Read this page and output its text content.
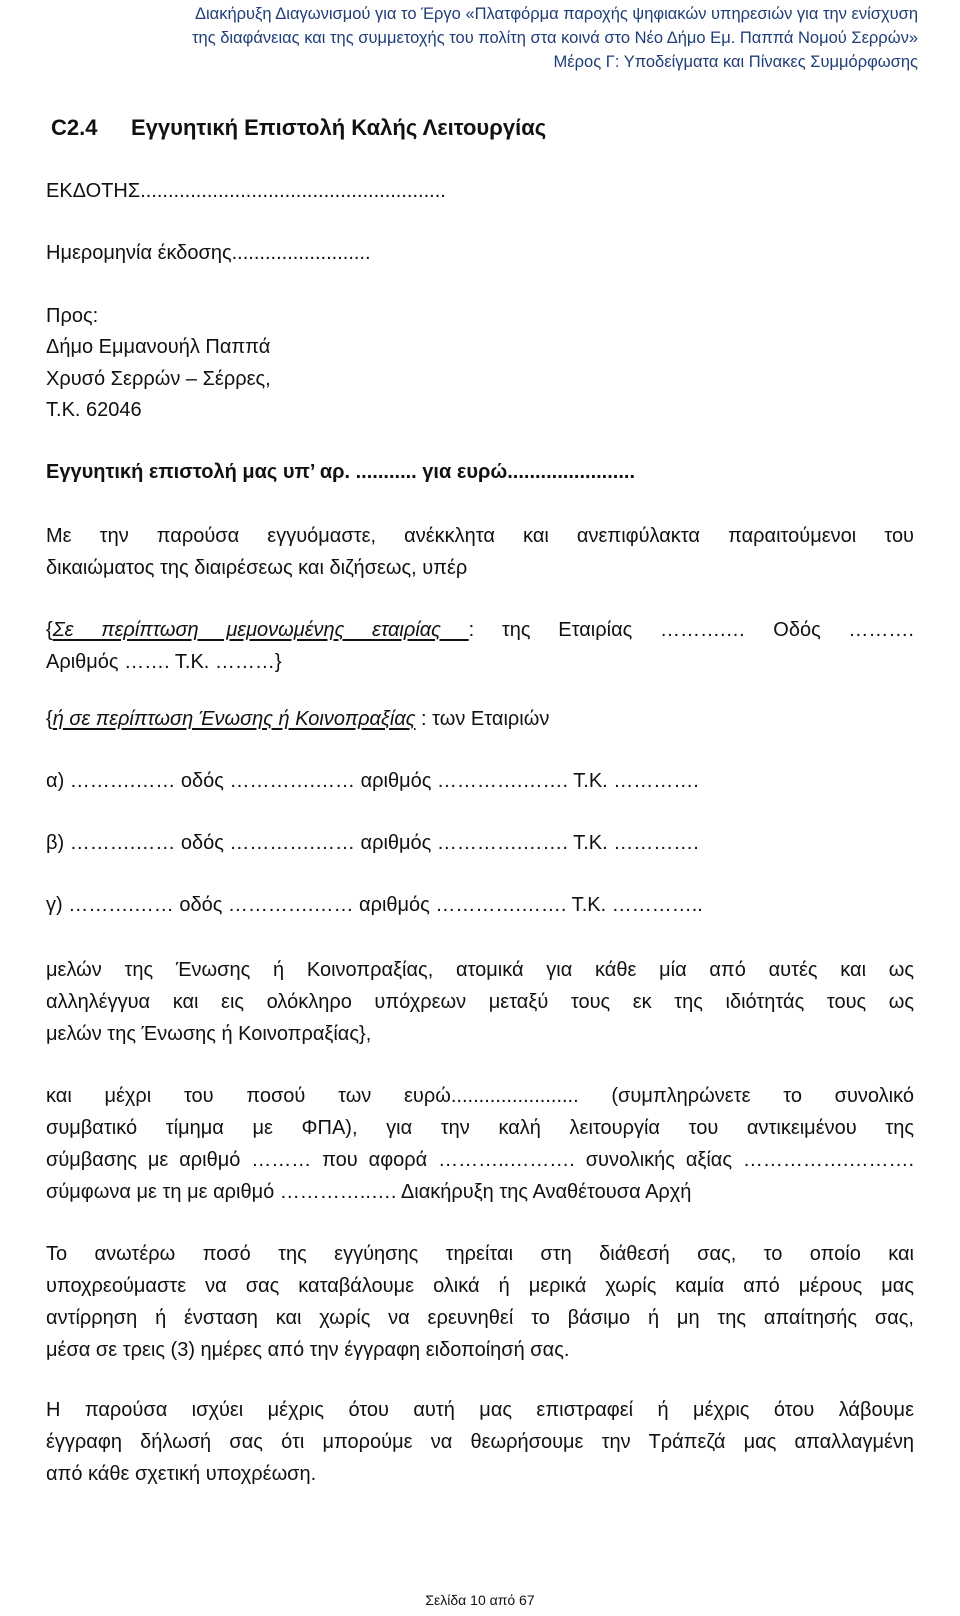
Διακήρυξη Διαγωνισμού για το Έργο «Πλατφόρμα παροχής ψηφιακών υπηρεσιών για την ενίσχυση
της διαφάνειας και της συμμετοχής του πολίτη στα κοινά στο Νέο Δήμο Εμ. Παππά Νομού Σερρών»
Μέρος Γ: Υποδείγματα και Πίνακες Συμμόρφωσης
C2.4 Εγγυητική Επιστολή Καλής Λειτουργίας
ΕΚΔΟΤΗΣ.......................................................
Ημερομηνία έκδοσης.........................
Προς:
Δήμο Εμμανουήλ Παππά
Χρυσό Σερρών – Σέρρες,
Τ.Κ. 62046
Εγγυητική επιστολή μας υπ’ αρ. ........... για ευρώ.......................
Με την παρούσα εγγυόμαστε, ανέκκλητα και ανεπιφύλακτα παραιτούμενοι του
δικαιώματος της διαιρέσεως και διζήσεως, υπέρ
{Σε περίπτωση μεμονωμένης εταιρίας : της Εταιρίας ……….… Οδός ……….
Αριθμός ……. Τ.Κ. ………}
{ή σε περίπτωση Ένωσης ή Κοινοπραξίας : των Εταιριών
α) ……….…… οδός ………….…… αριθμός ………….……. Τ.Κ. ………….
β) ……….…… οδός ………….…… αριθμός ………….……. Τ.Κ. ………….
γ) ……….…… οδός ………….…… αριθμός ………….……. Τ.Κ. …………..
μελών της Ένωσης ή Κοινοπραξίας, ατομικά για κάθε μία από αυτές και ως
αλληλέγγυα και εις ολόκληρο υπόχρεων μεταξύ τους εκ της ιδιότητάς τους ως
μελών της Ένωσης ή Κοινοπραξίας},
και μέχρι του ποσού των ευρώ....................... (συμπληρώνετε το συνολικό
συμβατικό τίμημα με ΦΠΑ), για την καλή λειτουργία του αντικειμένου της
σύμβασης με αριθμό ……… που αφορά ………..………. συνολικής αξίας …………….……….
σύμφωνα με τη με αριθμό …………..…. Διακήρυξη της Αναθέτουσα Αρχή
Το ανωτέρω ποσό της εγγύησης τηρείται στη διάθεσή σας, το οποίο και
υποχρεούμαστε να σας καταβάλουμε ολικά ή μερικά χωρίς καμία από μέρους μας
αντίρρηση ή ένσταση και χωρίς να ερευνηθεί το βάσιμο ή μη της απαίτησής σας,
μέσα σε τρεις (3) ημέρες από την έγγραφη ειδοποίησή σας.
Η παρούσα ισχύει μέχρις ότου αυτή μας επιστραφεί ή μέχρις ότου λάβουμε
έγγραφη δήλωσή σας ότι μπορούμε να θεωρήσουμε την Τράπεζά μας απαλλαγμένη
από κάθε σχετική υποχρέωση.
Σελίδα 10 από 67
